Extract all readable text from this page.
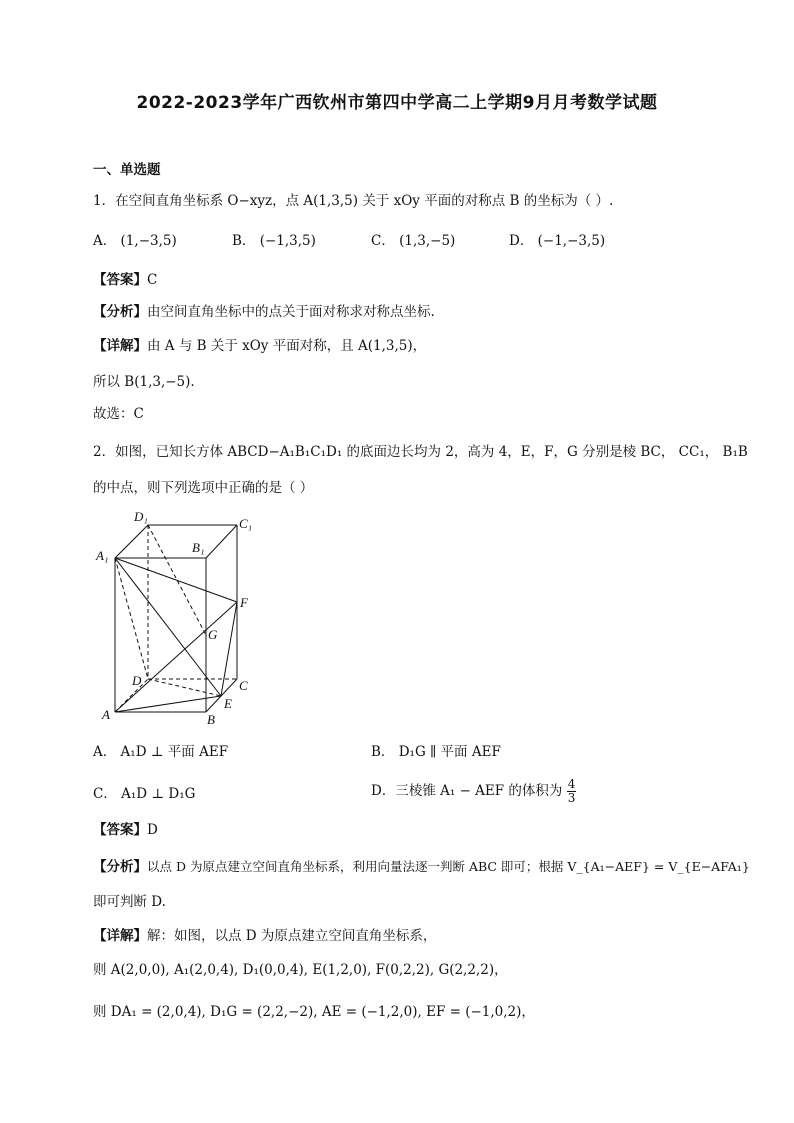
2022-2023学年广西钦州市第四中学高二上学期9月月考数学试题
一、单选题
1．在空间直角坐标系 O−xyz，点 A(1,3,5) 关于 xOy 平面的对称点 B 的坐标为（ ）.
A． (1,−3,5)	B． (−1,3,5)	C． (1,3,−5)	D． (−1,−3,5)
【答案】C
【分析】由空间直角坐标中的点关于面对称求对称点坐标.
【详解】由 A 与 B 关于 xOy 平面对称，且 A(1,3,5)，
所以 B(1,3,−5).
故选：C
2．如图，已知长方体 ABCD−A₁B₁C₁D₁ 的底面边长均为 2，高为 4，E，F，G 分别是棱 BC， CC₁， B₁B
的中点，则下列选项中正确的是（ ）
D₁	C₁
A₁
B₁
F
G
D	C
A
E
B
A． A₁D ⊥ 平面 AEF	B． D₁G ∥ 平面 AEF
C． A₁D ⊥ D₁G	D．三棱锥 A₁ − AEF 的体积为 $\frac{4}{3}$
【答案】D
【分析】以点 D 为原点建立空间直角坐标系，利用向量法逐一判断 ABC 即可；根据 V_{A₁−AEF} = V_{E−AFA₁}
即可判断 D.
【详解】解：如图，以点 D 为原点建立空间直角坐标系，
则 A(2,0,0), A₁(2,0,4), D₁(0,0,4), E(1,2,0), F(0,2,2), G(2,2,2)，
则 DA₁ = (2,0,4), D₁G = (2,2,−2), AE = (−1,2,0), EF = (−1,0,2)，
